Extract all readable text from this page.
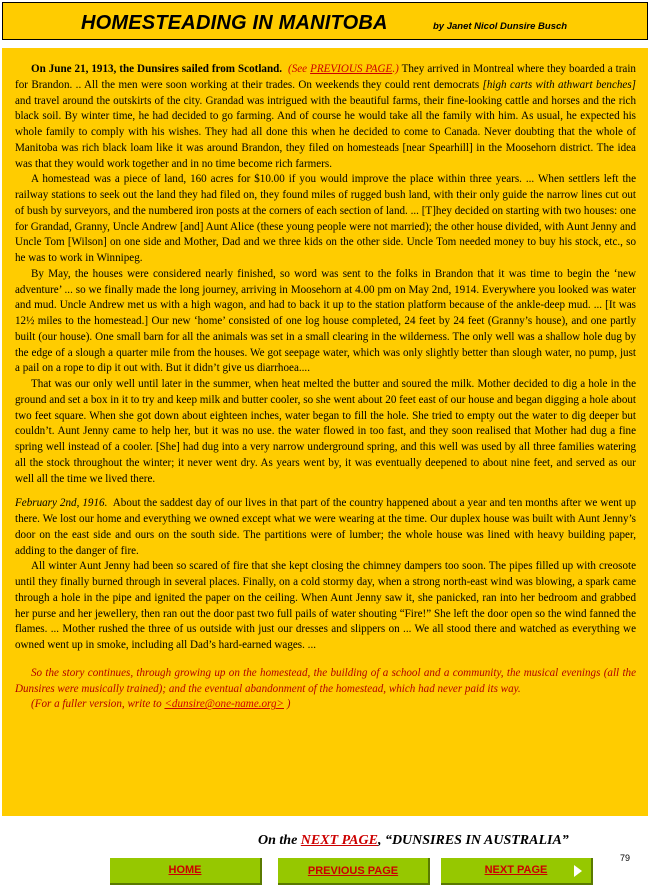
HOMESTEADING IN MANITOBA	by Janet Nicol Dunsire Busch

On June 21, 1913, the Dunsires sailed from Scotland. (See PREVIOUS PAGE.) They arrived in Montreal where they boarded a train for Brandon. .. All the men were soon working at their trades. On weekends they could rent democrats [high carts with athwart benches] and travel around the outskirts of the city. Grandad was intrigued with the beautiful farms, their fine-looking cattle and horses and the rich black soil. By winter time, he had decided to go farming. And of course he would take all the family with him. As usual, he expected his whole family to comply with his wishes. They had all done this when he decided to come to Canada. Never doubting that the whole of Manitoba was rich black loam like it was around Brandon, they filed on homesteads [near Spearhill] in the Moosehorn district. The idea was that they would work together and in no time become rich farmers.

A homestead was a piece of land, 160 acres for $10.00 if you would improve the place within three years. ... When settlers left the railway stations to seek out the land they had filed on, they found miles of rugged bush land, with their only guide the narrow lines cut out of bush by surveyors, and the numbered iron posts at the corners of each section of land. ... [T]hey decided on starting with two houses: one for Grandad, Granny, Uncle Andrew [and] Aunt Alice (these young people were not married); the other house divided, with Aunt Jenny and Uncle Tom [Wilson] on one side and Mother, Dad and we three kids on the other side. Uncle Tom needed money to buy his stock, etc., so he was to work in Winnipeg.

By May, the houses were considered nearly finished, so word was sent to the folks in Brandon that it was time to begin the ‘new adventure’ ... so we finally made the long journey, arriving in Moosehorn at 4.00 pm on May 2nd, 1914. Everywhere you looked was water and mud. Uncle Andrew met us with a high wagon, and had to back it up to the station platform because of the ankle-deep mud. ... [It was 12½ miles to the homestead.] Our new ‘home’ consisted of one log house completed, 24 feet by 24 feet (Granny’s house), and one partly built (our house). One small barn for all the animals was set in a small clearing in the wilderness. The only well was a shallow hole dug by the edge of a slough a quarter mile from the houses. We got seepage water, which was only slightly better than slough water, no pump, just a pail on a rope to dip it out with. But it didn’t give us diarrhoea....

That was our only well until later in the summer, when heat melted the butter and soured the milk. Mother decided to dig a hole in the ground and set a box in it to try and keep milk and butter cooler, so she went about 20 feet east of our house and began digging a hole about two feet square. When she got down about eighteen inches, water began to fill the hole. She tried to empty out the water to dig deeper but couldn’t. Aunt Jenny came to help her, but it was no use. the water flowed in too fast, and they soon realised that Mother had dug a fine spring well instead of a cooler. [She] had dug into a very narrow underground spring, and this well was used by all three families watering all the stock throughout the winter; it never went dry. As years went by, it was eventually deepened to about nine feet, and served as our well all the time we lived there.

February 2nd, 1916. About the saddest day of our lives in that part of the country happened about a year and ten months after we went up there. We lost our home and everything we owned except what we were wearing at the time. Our duplex house was built with Aunt Jenny’s door on the east side and ours on the south side. The partitions were of lumber; the whole house was lined with heavy building paper, adding to the danger of fire.

All winter Aunt Jenny had been so scared of fire that she kept closing the chimney dampers too soon. The pipes filled up with creosote until they finally burned through in several places. Finally, on a cold stormy day, when a strong north-east wind was blowing, a spark came through a hole in the pipe and ignited the paper on the ceiling. When Aunt Jenny saw it, she panicked, ran into her bedroom and grabbed her purse and her jewellery, then ran out the door past two full pails of water shouting “Fire!” She left the door open so the wind fanned the flames. ... Mother rushed the three of us outside with just our dresses and slippers on ... We all stood there and watched as everything we owned went up in smoke, including all Dad’s hard-earned wages. ...

So the story continues, through growing up on the homestead, the building of a school and a community, the musical evenings (all the Dunsires were musically trained); and the eventual abandonment of the homestead, which had never paid its way.

(For a fuller version, write to <dunsire@one-name.org> )

On the NEXT PAGE, “DUNSIRES IN AUSTRALIA”
79
HOME	PREVIOUS PAGE	NEXT PAGE
